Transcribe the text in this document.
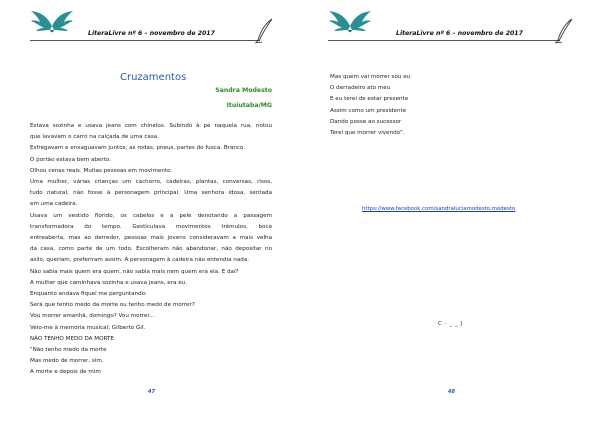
LiteraLivre nº 6 – novembro de 2017
Cruzamentos
Sandra Modesto
Ituiutaba/MG

Estava sozinha e usava jeans com chinelos. Subindo à pé naquela rua, notou

que lavavam o carro na calçada de uma casa.

Esfregavam e enxaguavam juntos; as rodas, pneus, partes do fusca. Branco.

O portão estava bem aberto.

Olhou cenas reais. Muitas pessoas em movimento.

Uma mulher, várias crianças um cachorro, cadeiras, plantas, conversas, risos,

tudo natural, não fosse à personagem principal. Uma senhora idosa, sentada

em uma cadeira.

Usava um vestido florido, os cabelos e a pele denotando a passagem

transformadora do tempo. Gesticulava movimentos trêmulos, boca

entreaberta, mas ao derredor, pessoas mais jovens consideravam a mais velha

da casa, como parte de um todo. Escolheram não abandonar, não depositar no

asilo, queriam, preferiram assim. A personagem à cadeira não entendia nada.

Não sabia mais quem era quem, não sabia mais nem quem era ela. E daí?

A mulher que caminhava sozinha e usava jeans, era eu.

Enquanto andava fiquei me perguntando:

Será que tenho medo da morte ou tenho medo de morrer?

Vou morrer amanhã, domingo? Vou morrer...

Veio-me à memória musical; Gilberto Gil.

NÃO TENHO MEDO DA MORTE

"Não tenho medo da morte

Mas medo de morrer, sim.

A morte e depois de mim

47
LiteraLivre nº 6 – novembro de 2017

Mas quem vai morrer sou eu

O derradeiro ato meu

E eu terei de estar presente

Assim como um presidente

Dando posse ao sucessor

Terei que morrer vivendo".

https://www.facebook.com/sandraluciamodesto.modesto
C - _ _ J
48
